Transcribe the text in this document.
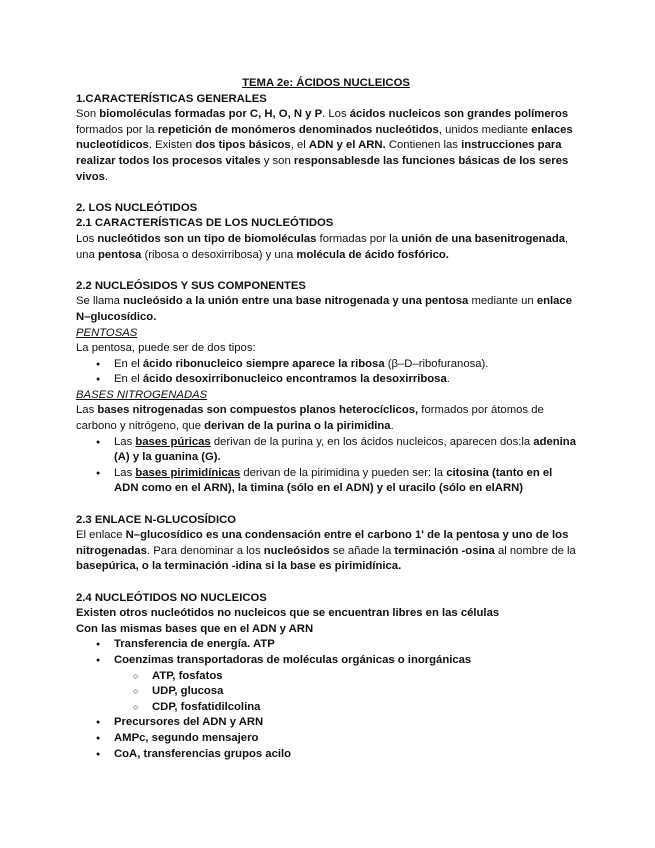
TEMA 2e: ÁCIDOS NUCLEICOS

1.CARACTERÍSTICAS GENERALES

Son biomoléculas formadas por C, H, O, N y P. Los ácidos nucleicos son grandes polímeros formados por la repetición de monómeros denominados nucleótidos, unidos mediante enlaces nucleotídicos. Existen dos tipos básicos, el ADN y el ARN. Contienen las instrucciones para realizar todos los procesos vitales y son responsablesde las funciones básicas de los seres vivos.

2. LOS NUCLEÓTIDOS

2.1 CARACTERÍSTICAS DE LOS NUCLEÓTIDOS

Los nucleótidos son un tipo de biomoléculas formadas por la unión de una basenitrogenada, una pentosa (ribosa o desoxirribosa) y una molécula de ácido fosfórico.

2.2 NUCLEÓSIDOS Y SUS COMPONENTES

Se llama nucleósido a la unión entre una base nitrogenada y una pentosa mediante un enlace N–glucosídico.

PENTOSAS

La pentosa, puede ser de dos tipos:

● En el ácido ribonucleico siempre aparece la ribosa (β–D–ribofuranosa).
● En el ácido desoxirribonucleico encontramos la desoxirribosa.

BASES NITROGENADAS

Las bases nitrogenadas son compuestos planos heterocíclicos, formados por átomos de carbono y nitrógeno, que derivan de la purina o la pirimidina.

● Las bases púricas derivan de la purina y, en los ácidos nucleicos, aparecen dos:la adenina (A) y la guanina (G).
● Las bases pirimidínicas derivan de la pirimidina y pueden ser: la citosina (tanto en el ADN como en el ARN), la timina (sólo en el ADN) y el uracilo (sólo en elARN)

2.3 ENLACE N-GLUCOSÍDICO

El enlace N–glucosídico es una condensación entre el carbono 1' de la pentosa y uno de los nitrogenadas. Para denominar a los nucleósidos se añade la terminación -osina al nombre de la basepúrica, o la terminación -idina si la base es pirimidínica.

2.4 NUCLEÓTIDOS NO NUCLEICOS

Existen otros nucleótidos no nucleicos que se encuentran libres en las células

Con las mismas bases que en el ADN y ARN

● Transferencia de energía. ATP
● Coenzimas transportadoras de moléculas orgánicas o inorgánicas
○ ATP, fosfatos
○ UDP, glucosa
○ CDP, fosfatidilcolina
● Precursores del ADN y ARN
● AMPc, segundo mensajero
● CoA, transferencias grupos acilo
